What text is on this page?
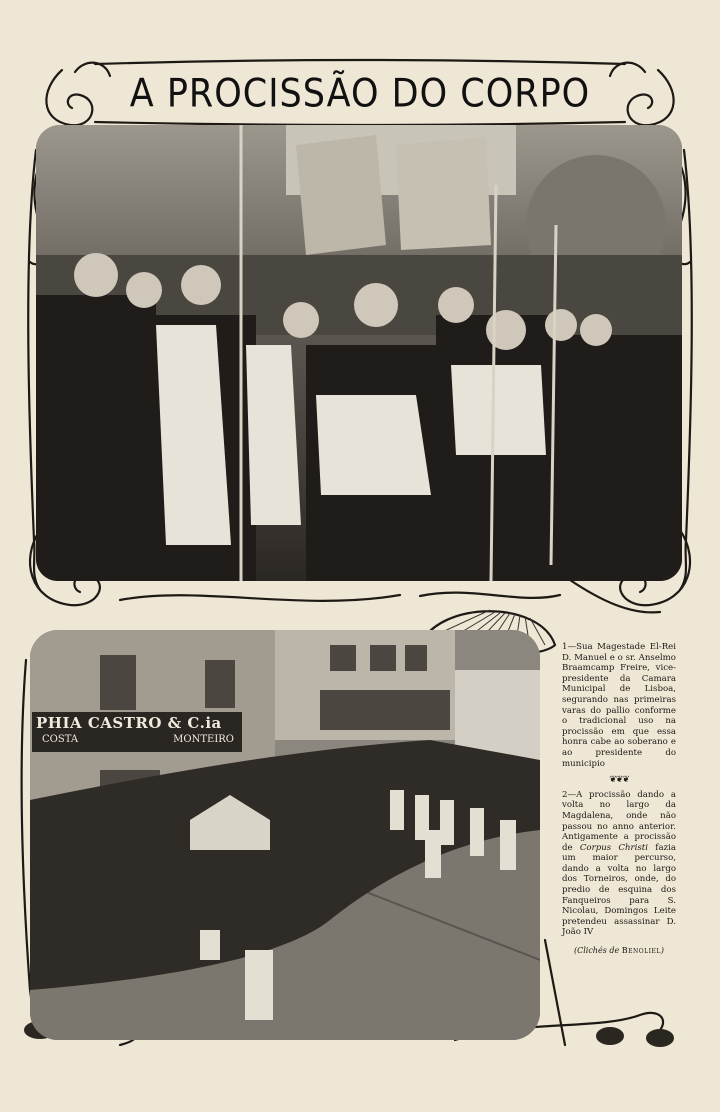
A PROCISSÃO DO CORPO
PHIA CASTRO & C.ia
COSTA	MONTEIRO

1—Sua Magestade El-Rei D. Manuel e o sr. Anselmo Braamcamp Freire, vice-presidente da Camara Municipal de Lisboa, segurando nas primeiras varas do pallio conforme o tradicional uso na procissão em que essa honra cabe ao soberano e ao presidente do municipio

❦❦❦

2—A procissão dando a volta no largo da Magdalena, onde não passou no anno anterior. Antigamente a procissão de Corpus Christi fazia um maior percurso, dando a volta no largo dos Torneiros, onde, do predio de esquina dos Fanqueiros para S. Nicolau, Domingos Leite pretendeu assassinar D. João IV

(Clichés de Benoliel)
